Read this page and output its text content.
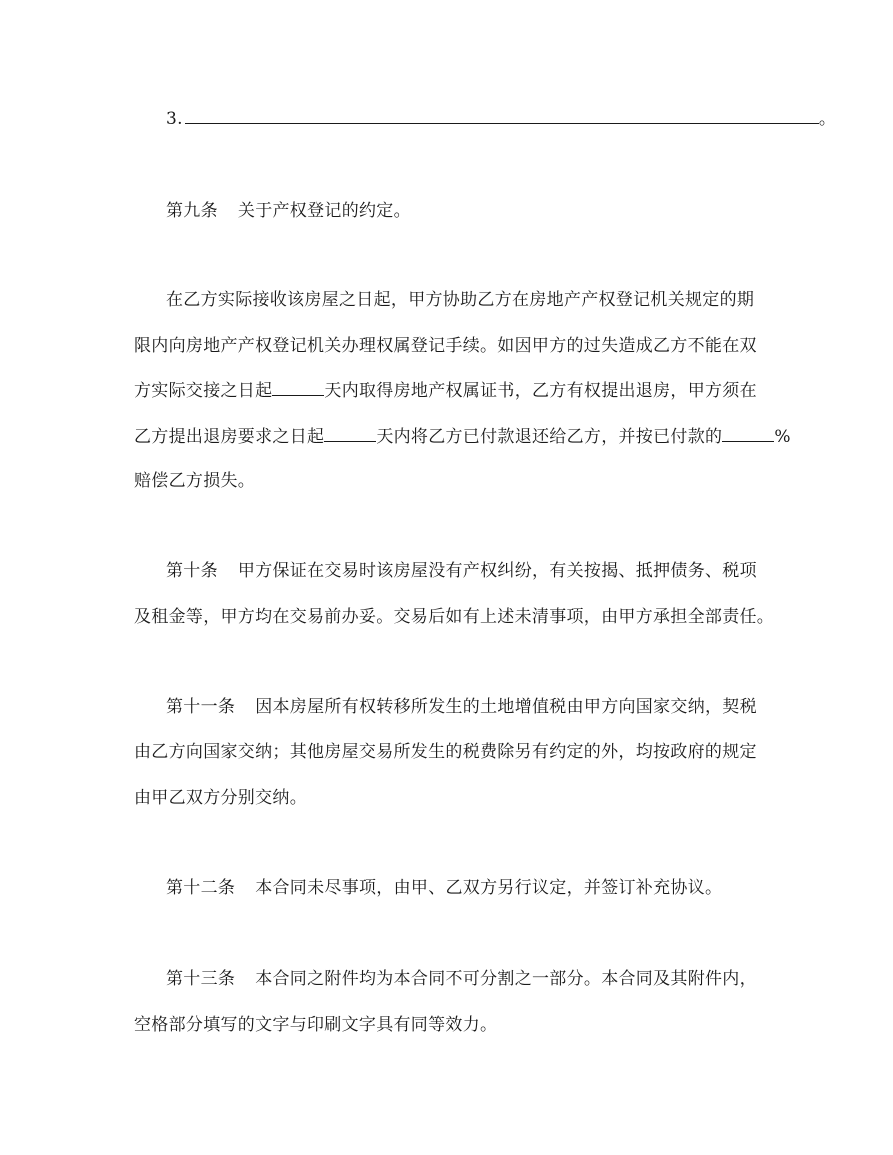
3.	。
第九条 关于产权登记的约定。
在乙方实际接收该房屋之日起，甲方协助乙方在房地产产权登记机关规定的期
限内向房地产产权登记机关办理权属登记手续。如因甲方的过失造成乙方不能在双
方实际交接之日起	天内取得房地产权属证书，乙方有权提出退房，甲方须在
乙方提出退房要求之日起	天内将乙方已付款退还给乙方，并按已付款的	%
赔偿乙方损失。
第十条 甲方保证在交易时该房屋没有产权纠纷，有关按揭、抵押债务、税项
及租金等，甲方均在交易前办妥。交易后如有上述未清事项，由甲方承担全部责任。
第十一条 因本房屋所有权转移所发生的土地增值税由甲方向国家交纳，契税
由乙方向国家交纳；其他房屋交易所发生的税费除另有约定的外，均按政府的规定
由甲乙双方分别交纳。
第十二条 本合同未尽事项，由甲、乙双方另行议定，并签订补充协议。
第十三条 本合同之附件均为本合同不可分割之一部分。本合同及其附件内，
空格部分填写的文字与印刷文字具有同等效力。
